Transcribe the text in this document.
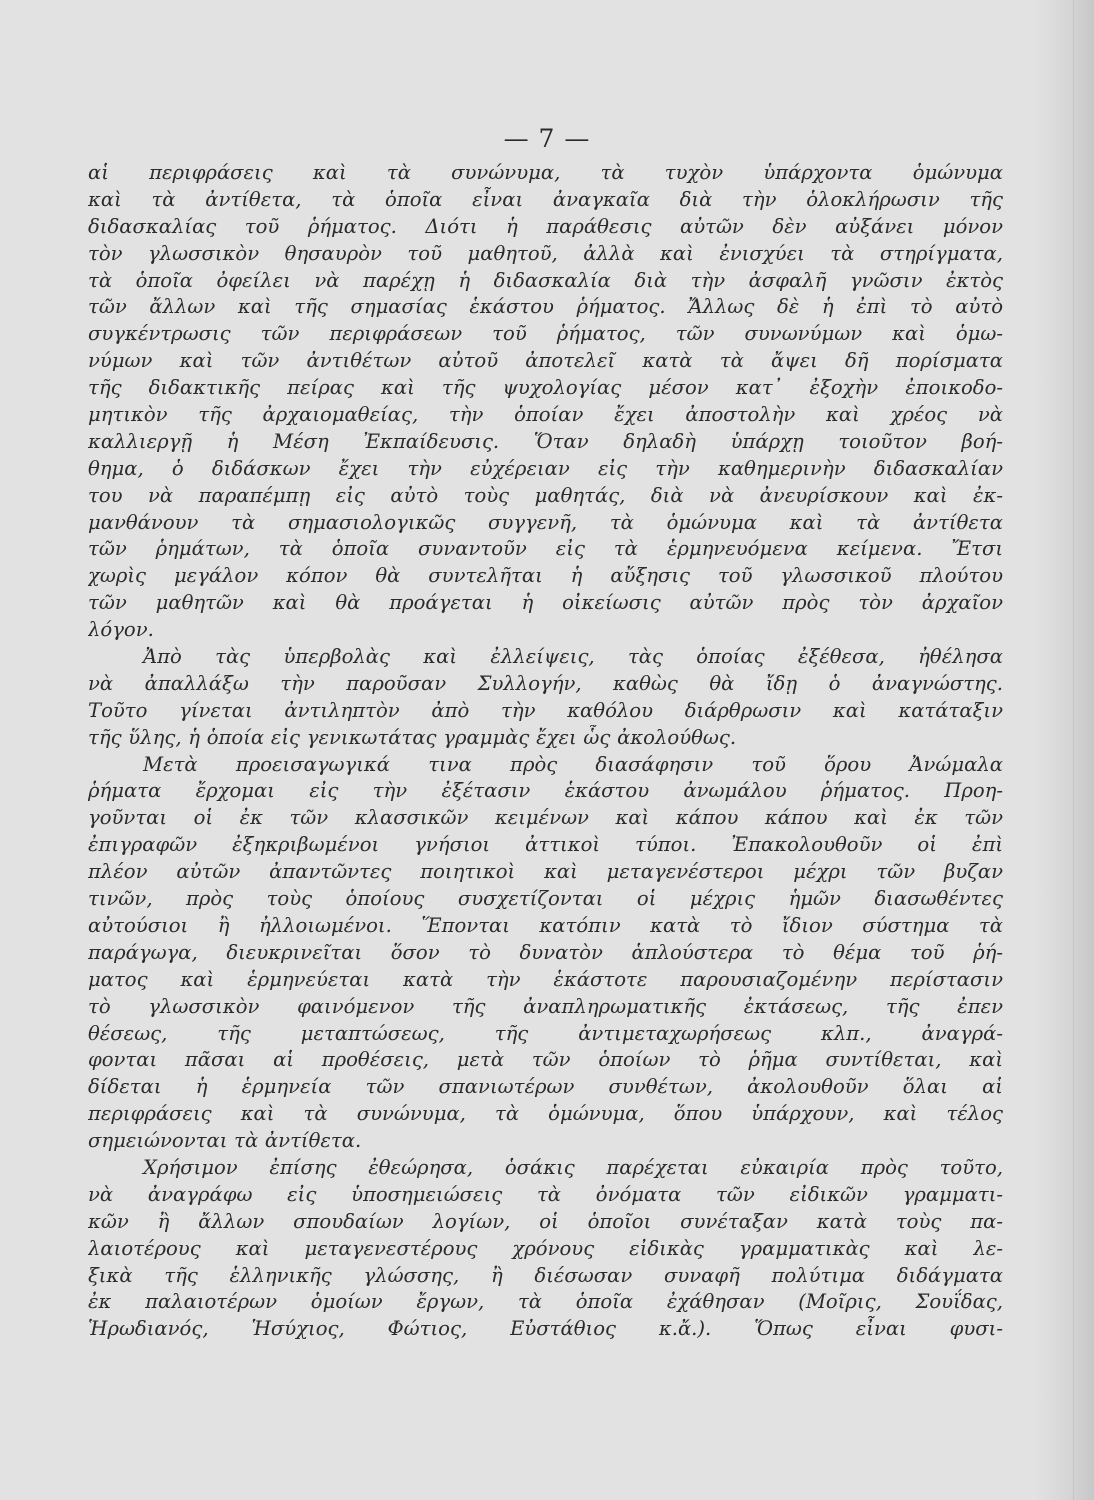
— 7 —
αἱ περιφράσεις καὶ τὰ συνώνυμα, τὰ τυχὸν ὑπάρχοντα ὁμώνυμα
καὶ τὰ ἀντίθετα, τὰ ὁποῖα εἶναι ἀναγκαῖα διὰ τὴν ὁλοκλήρωσιν τῆς
διδασκαλίας τοῦ ῥήματος. Διότι ἡ παράθεσις αὐτῶν δὲν αὐξάνει μόνον
τὸν γλωσσικὸν θησαυρὸν τοῦ μαθητοῦ, ἀλλὰ καὶ ἐνισχύει τὰ στηρίγματα,
τὰ ὁποῖα ὀφείλει νὰ παρέχῃ ἡ διδασκαλία διὰ τὴν ἀσφαλῆ γνῶσιν ἐκτὸς
τῶν ἄλλων καὶ τῆς σημασίας ἑκάστου ῥήματος. Ἄλλως δὲ ἡ ἐπὶ τὸ αὐτὸ
συγκέντρωσις τῶν περιφράσεων τοῦ ῥήματος, τῶν συνωνύμων καὶ ὁμω-
νύμων καὶ τῶν ἀντιθέτων αὐτοῦ ἀποτελεῖ κατὰ τὰ ἄψει δῆ πορίσματα
τῆς διδακτικῆς πείρας καὶ τῆς ψυχολογίας μέσον κατ᾽ ἐξοχὴν ἐποικοδο-
μητικὸν τῆς ἀρχαιομαθείας, τὴν ὁποίαν ἔχει ἀποστολὴν καὶ χρέος νὰ
καλλιεργῇ ἡ Μέση Ἐκπαίδευσις. Ὅταν δηλαδὴ ὑπάρχῃ τοιοῦτον βοή-
θημα, ὁ διδάσκων ἔχει τὴν εὐχέρειαν εἰς τὴν καθημερινὴν διδασκαλίαν
του νὰ παραπέμπῃ εἰς αὐτὸ τοὺς μαθητάς, διὰ νὰ ἀνευρίσκουν καὶ ἐκ-
μανθάνουν τὰ σημασιολογικῶς συγγενῆ, τὰ ὁμώνυμα καὶ τὰ ἀντίθετα
τῶν ῥημάτων, τὰ ὁποῖα συναντοῦν εἰς τὰ ἑρμηνευόμενα κείμενα. Ἔτσι
χωρὶς μεγάλον κόπον θὰ συντελῆται ἡ αὔξησις τοῦ γλωσσικοῦ πλούτου
τῶν μαθητῶν καὶ θὰ προάγεται ἡ οἰκείωσις αὐτῶν πρὸς τὸν ἀρχαῖον
λόγον.
Ἀπὸ τὰς ὑπερβολὰς καὶ ἐλλείψεις, τὰς ὁποίας ἐξέθεσα, ἠθέλησα
νὰ ἀπαλλάξω τὴν παροῦσαν Συλλογήν, καθὼς θὰ ἴδῃ ὁ ἀναγνώστης.
Τοῦτο γίνεται ἀντιληπτὸν ἀπὸ τὴν καθόλου διάρθρωσιν καὶ κατάταξιν
τῆς ὕλης, ἡ ὁποία εἰς γενικωτάτας γραμμὰς ἔχει ὧς ἀκολούθως.
Μετὰ προεισαγωγικά τινα πρὸς διασάφησιν τοῦ ὅρου Ἀνώμαλα
ῥήματα ἔρχομαι εἰς τὴν ἐξέτασιν ἑκάστου ἀνωμάλου ῥήματος. Προη-
γοῦνται οἱ ἐκ τῶν κλασσικῶν κειμένων καὶ κάπου κάπου καὶ ἐκ τῶν
ἐπιγραφῶν ἐξηκριβωμένοι γνήσιοι ἀττικοὶ τύποι. Ἐπακολουθοῦν οἱ ἐπὶ
πλέον αὐτῶν ἀπαντῶντες ποιητικοὶ καὶ μεταγενέστεροι μέχρι τῶν βυζαν
τινῶν, πρὸς τοὺς ὁποίους συσχετίζονται οἱ μέχρις ἡμῶν διασωθέντες
αὐτούσιοι ἢ ἠλλοιωμένοι. Ἕπονται κατόπιν κατὰ τὸ ἴδιον σύστημα τὰ
παράγωγα, διευκρινεῖται ὅσον τὸ δυνατὸν ἁπλούστερα τὸ θέμα τοῦ ῥή-
ματος καὶ ἑρμηνεύεται κατὰ τὴν ἑκάστοτε παρουσιαζομένην περίστασιν
τὸ γλωσσικὸν φαινόμενον τῆς ἀναπληρωματικῆς ἐκτάσεως, τῆς ἐπεν
θέσεως, τῆς μεταπτώσεως, τῆς ἀντιμεταχωρήσεως κλπ., ἀναγρά-
φονται πᾶσαι αἱ προθέσεις, μετὰ τῶν ὁποίων τὸ ῥῆμα συντίθεται, καὶ
δίδεται ἡ ἑρμηνεία τῶν σπανιωτέρων συνθέτων, ἀκολουθοῦν ὅλαι αἱ
περιφράσεις καὶ τὰ συνώνυμα, τὰ ὁμώνυμα, ὅπου ὑπάρχουν, καὶ τέλος
σημειώνονται τὰ ἀντίθετα.
Χρήσιμον ἐπίσης ἐθεώρησα, ὁσάκις παρέχεται εὐκαιρία πρὸς τοῦτο,
νὰ ἀναγράφω εἰς ὑποσημειώσεις τὰ ὀνόματα τῶν εἰδικῶν γραμματι-
κῶν ἢ ἄλλων σπουδαίων λογίων, οἱ ὁποῖοι συνέταξαν κατὰ τοὺς πα-
λαιοτέρους καὶ μεταγενεστέρους χρόνους εἰδικὰς γραμματικὰς καὶ λε-
ξικὰ τῆς ἑλληνικῆς γλώσσης, ἢ διέσωσαν συναφῆ πολύτιμα διδάγματα
ἐκ παλαιοτέρων ὁμοίων ἔργων, τὰ ὁποῖα ἐχάθησαν (Μοῖρις, Σουΐδας,
Ἡρωδιανός, Ἡσύχιος, Φώτιος, Εὐστάθιος κ.ἄ.). Ὅπως εἶναι φυσι-
